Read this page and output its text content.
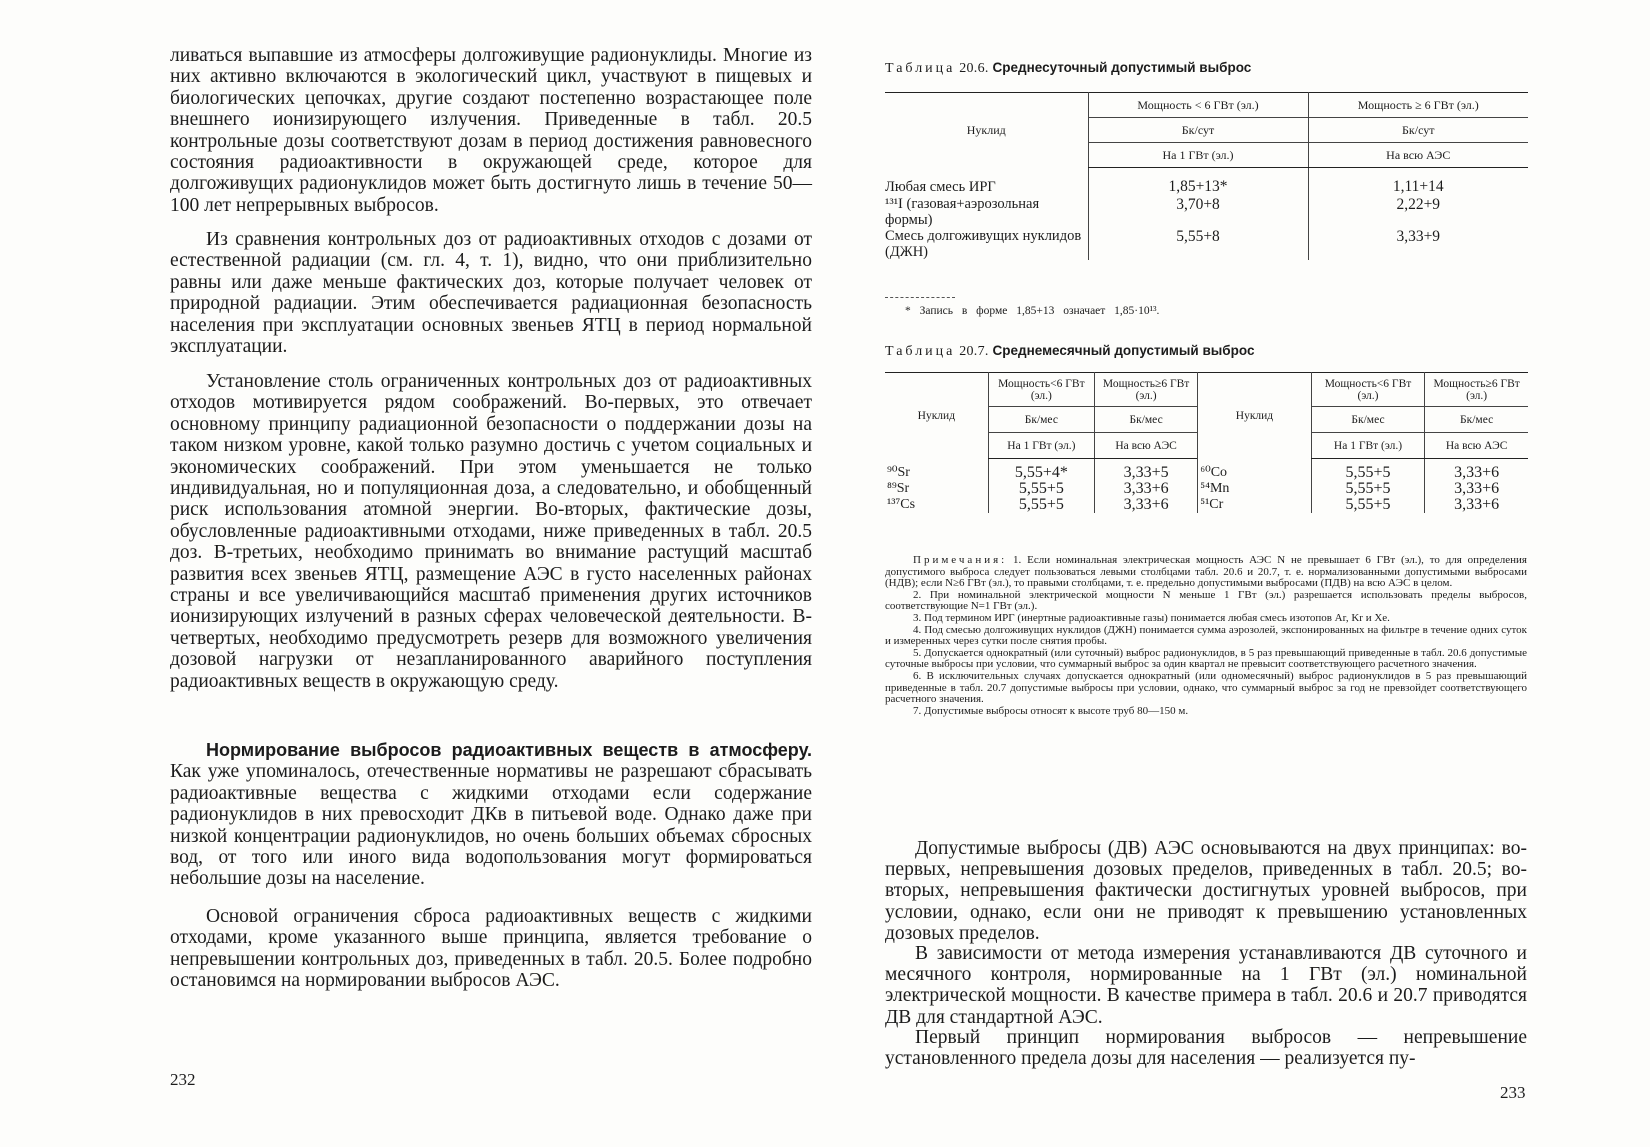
ливаться выпавшие из атмосферы долгоживущие радионуклиды. Многие из них активно включаются в экологический цикл, участвуют в пищевых и биологических цепочках, другие создают постепенно возрастающее поле внешнего ионизирующего излучения. Приведенные в табл. 20.5 контрольные дозы соответствуют дозам в период достижения равновесного состояния радиоактивности в окружающей среде, которое для долгоживущих радионуклидов может быть достигнуто лишь в течение 50—100 лет непрерывных выбросов.

Из сравнения контрольных доз от радиоактивных отходов с дозами от естественной радиации (см. гл. 4, т. 1), видно, что они приблизительно равны или даже меньше фактических доз, которые получает человек от природной радиации. Этим обеспечивается радиационная безопасность населения при эксплуатации основных звеньев ЯТЦ в период нормальной эксплуатации.

Установление столь ограниченных контрольных доз от радиоактивных отходов мотивируется рядом соображений. Во-первых, это отвечает основному принципу радиационной безопасности о поддержании дозы на таком низком уровне, какой только разумно достичь с учетом социальных и экономических соображений. При этом уменьшается не только индивидуальная, но и популяционная доза, а следовательно, и обобщенный риск использования атомной энергии. Во-вторых, фактические дозы, обусловленные радиоактивными отходами, ниже приведенных в табл. 20.5 доз. В-третьих, необходимо принимать во внимание растущий масштаб развития всех звеньев ЯТЦ, размещение АЭС в густо населенных районах страны и все увеличивающийся масштаб применения других источников ионизирующих излучений в разных сферах человеческой деятельности. В-четвертых, необходимо предусмотреть резерв для возможного увеличения дозовой нагрузки от незапланированного аварийного поступления радиоактивных веществ в окружающую среду.

Нормирование выбросов радиоактивных веществ в атмосферу. Как уже упоминалось, отечественные нормативы не разрешают сбрасывать радиоактивные вещества с жидкими отходами если содержание радионуклидов в них превосходит ДКв в питьевой воде. Однако даже при низкой концентрации радионуклидов, но очень больших объемах сбросных вод, от того или иного вида водопользования могут формироваться небольшие дозы на население.

Основой ограничения сброса радиоактивных веществ с жидкими отходами, кроме указанного выше принципа, является требование о непревышении контрольных доз, приведенных в табл. 20.5. Более подробно остановимся на нормировании выбросов АЭС.

232
Таблица 20.6. Среднесуточный допустимый выброс
Нуклид	Мощность < 6 ГВт (эл.)	Мощность ≥ 6 ГВт (эл.)
	Бк/сут	Бк/сут
	На 1 ГВт (эл.)	На всю АЭС

Любая смесь ИРГ	1,85+13*	1,11+14
¹³¹I (газовая+аэрозольная формы)	3,70+8	2,22+9
Смесь долгоживущих нуклидов (ДЖН)	5,55+8	3,33+9
* Запись в форме 1,85+13 означает 1,85·10¹³.
Таблица 20.7. Среднемесячный допустимый выброс
Нуклид	Мощность<6 ГВт (эл.)	Мощность≥6 ГВт (эл.)	Нуклид	Мощность<6 ГВт (эл.)	Мощность≥6 ГВт (эл.)
	Бк/мес	Бк/мес		Бк/мес	Бк/мес
	На 1 ГВт (эл.)	На всю АЭС		На 1 ГВт (эл.)	На всю АЭС

⁹⁰Sr	5,55+4*	3,33+5	⁶⁰Co	5,55+5	3,33+6
⁸⁹Sr	5,55+5	3,33+6	⁵⁴Mn	5,55+5	3,33+6
¹³⁷Cs	5,55+5	3,33+6	⁵¹Cr	5,55+5	3,33+6
Примечания: 1. Если номинальная электрическая мощность АЭС N не превышает 6 ГВт (эл.), то для определения допустимого выброса следует пользоваться левыми столбцами табл. 20.6 и 20.7, т. е. нормализованными допустимыми выбросами (НДВ); если N≥6 ГВт (эл.), то правыми столбцами, т. е. предельно допустимыми выбросами (ПДВ) на всю АЭС в целом.
2. При номинальной электрической мощности N меньше 1 ГВт (эл.) разрешается использовать пределы выбросов, соответствующие N=1 ГВт (эл.).
3. Под термином ИРГ (инертные радиоактивные газы) понимается любая смесь изотопов Ar, Kr и Xe.
4. Под смесью долгоживущих нуклидов (ДЖН) понимается сумма аэрозолей, экспонированных на фильтре в течение одних суток и измеренных через сутки после снятия пробы.
5. Допускается однократный (или суточный) выброс радионуклидов, в 5 раз превышающий приведенные в табл. 20.6 допустимые суточные выбросы при условии, что суммарный выброс за один квартал не превысит соответствующего расчетного значения.
6. В исключительных случаях допускается однократный (или одномесячный) выброс радионуклидов в 5 раз превышающий приведенные в табл. 20.7 допустимые выбросы при условии, однако, что суммарный выброс за год не превзойдет соответствующего расчетного значения.
7. Допустимые выбросы относят к высоте труб 80—150 м.

Допустимые выбросы (ДВ) АЭС основываются на двух принципах: во-первых, непревышения дозовых пределов, приведенных в табл. 20.5; во-вторых, непревышения фактически достигнутых уровней выбросов, при условии, однако, если они не приводят к превышению установленных дозовых пределов.

В зависимости от метода измерения устанавливаются ДВ суточного и месячного контроля, нормированные на 1 ГВт (эл.) номинальной электрической мощности. В качестве примера в табл. 20.6 и 20.7 приводятся ДВ для стандартной АЭС.

Первый принцип нормирования выбросов — непревышение установленного предела дозы для населения — реализуется пу-

233
